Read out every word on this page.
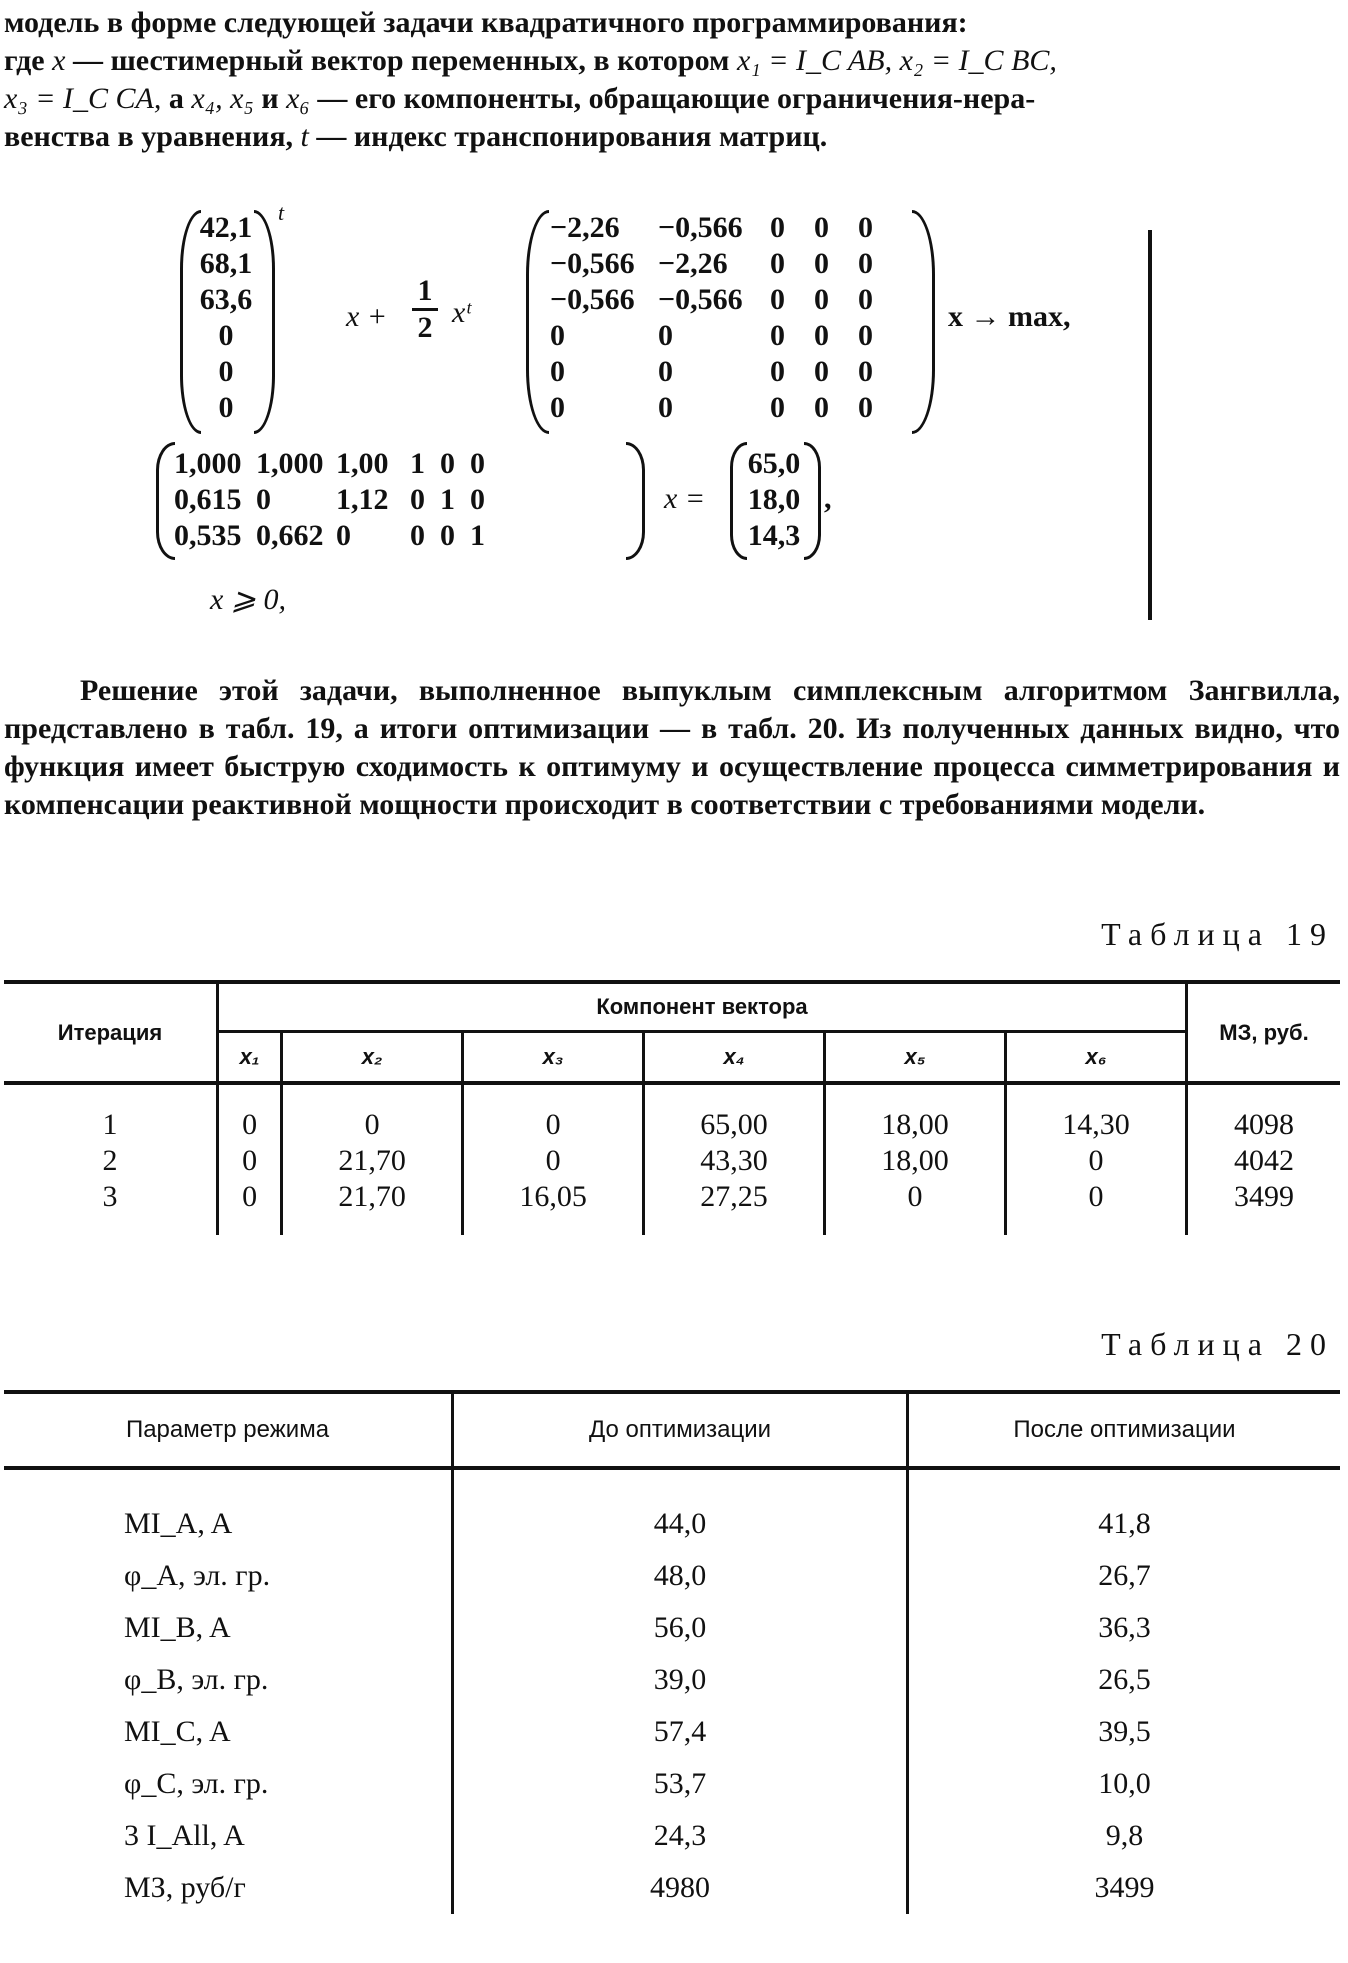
модель в форме следующей задачи квадратичного программирования:

где x — шестимерный вектор переменных, в котором x₁ = I_C AB, x₂ = I_C BC,

x₃ = I_C CA, а x₄, x₅ и x₆ — его компоненты, обращающие ограничения-нера-

венства в уравнения, t — индекс транспонирования матриц.

42,1
68,1
63,6
0
0
0
t
x +
1
2 xᵗ
−2,26	−0,566 0 0 0
−0,566 −2,26	0 0 0
−0,566 −0,566 0 0 0
0	0	0 0 0
0	0	0 0 0
0	0	0 0 0
x → max,
1,000 1,000 1,00 1 0 0
0,615 0	1,12 0 1 0
0,535 0,662 0	0 0 1
x =
65,0
18,0
14,3
,
x ⩾ 0,

Решение этой задачи, выполненное выпуклым симплексным алгоритмом Зангвилла, представлено в табл. 19, а итоги оптимизации — в табл. 20. Из полученных данных видно, что функция имеет быструю сходимость к оптимуму и осуществление процесса симметрирования и компенсации реактивной мощности происходит в соответствии с требованиями модели.

Таблица 19
Итерация	Компонент вектора						МЗ, руб.
	x₁	x₂	x₃	x₄	x₅	x₆	
1	0	0	0	65,00	18,00	14,30	4098
2	0	21,70	0	43,30	18,00	0	4042
3	0	21,70	16,05	27,25	0	0	3499
Таблица 20
Параметр режима	До оптимизации	После оптимизации
MI_A, A	44,0	41,8
φ_A, эл. гр.	48,0	26,7
MI_B, A	56,0	36,3
φ_B, эл. гр.	39,0	26,5
MI_C, A	57,4	39,5
φ_C, эл. гр.	53,7	10,0
3 I_All, A	24,3	9,8
МЗ, руб/г	4980	3499
